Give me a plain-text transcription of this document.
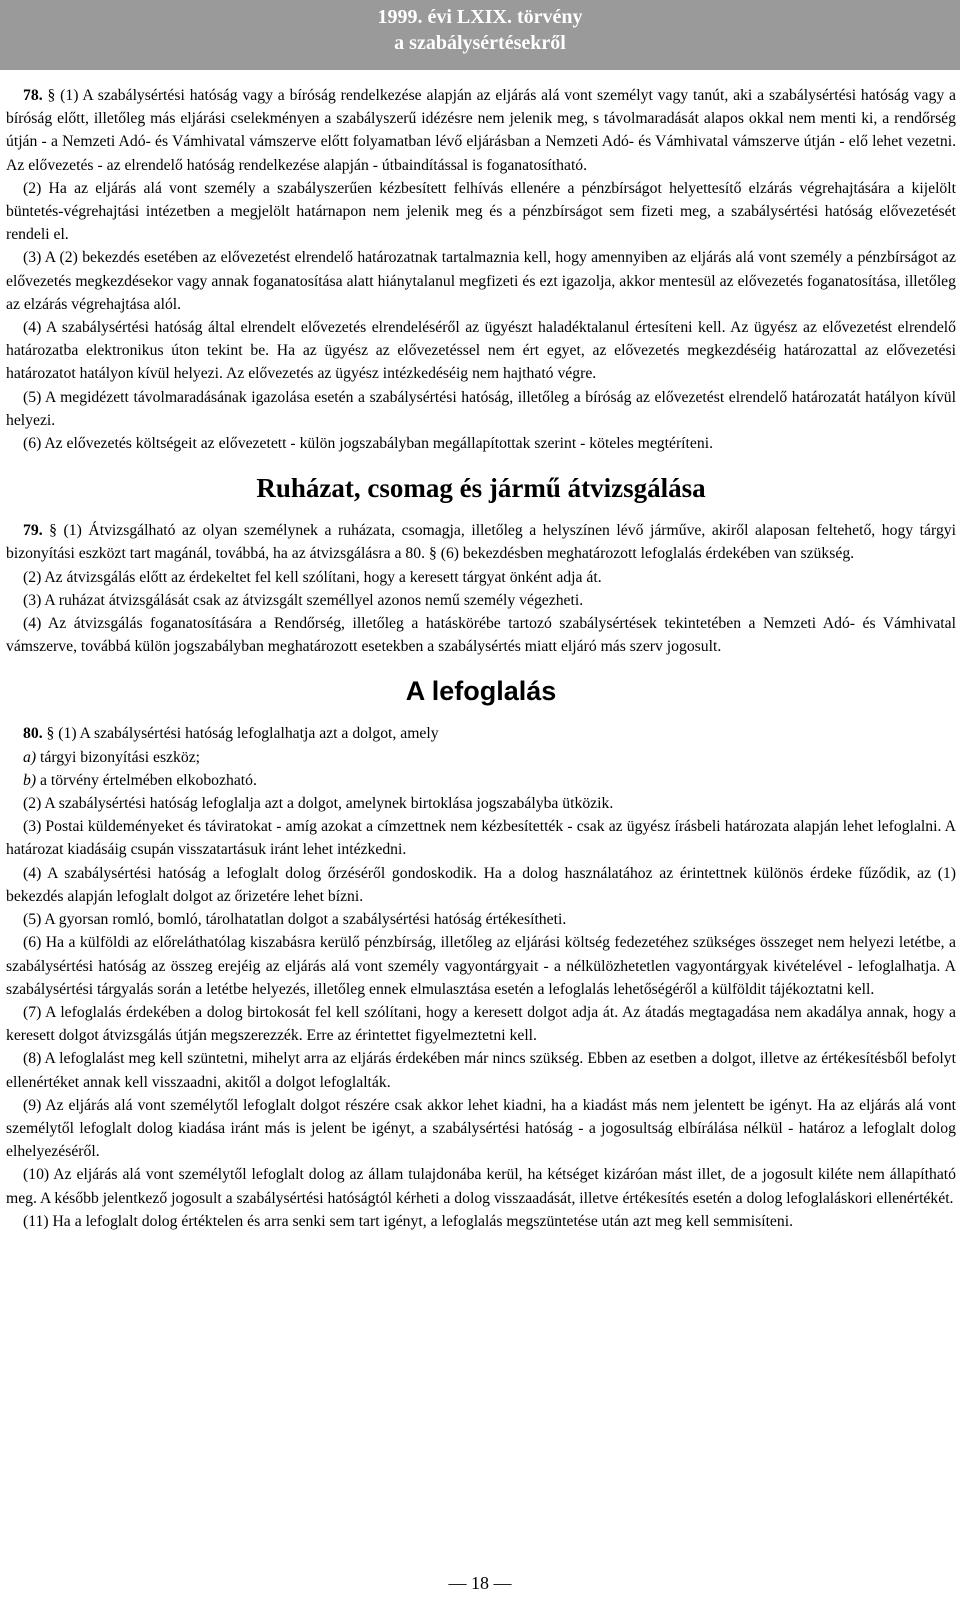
1999. évi LXIX. törvény
a szabálysértésekről

78. § (1) A szabálysértési hatóság vagy a bíróság rendelkezése alapján az eljárás alá vont személyt vagy tanút, aki a szabálysértési hatóság vagy a bíróság előtt, illetőleg más eljárási cselekményen a szabályszerű idézésre nem jelenik meg, s távolmaradását alapos okkal nem menti ki, a rendőrség útján - a Nemzeti Adó- és Vámhivatal vámszerve előtt folyamatban lévő eljárásban a Nemzeti Adó- és Vámhivatal vámszerve útján - elő lehet vezetni. Az elővezetés - az elrendelő hatóság rendelkezése alapján - útbaindítással is foganatosítható.

(2) Ha az eljárás alá vont személy a szabályszerűen kézbesített felhívás ellenére a pénzbírságot helyettesítő elzárás végrehajtására a kijelölt büntetés-végrehajtási intézetben a megjelölt határnapon nem jelenik meg és a pénzbírságot sem fizeti meg, a szabálysértési hatóság elővezetését rendeli el.

(3) A (2) bekezdés esetében az elővezetést elrendelő határozatnak tartalmaznia kell, hogy amennyiben az eljárás alá vont személy a pénzbírságot az elővezetés megkezdésekor vagy annak foganatosítása alatt hiánytalanul megfizeti és ezt igazolja, akkor mentesül az elővezetés foganatosítása, illetőleg az elzárás végrehajtása alól.

(4) A szabálysértési hatóság által elrendelt elővezetés elrendeléséről az ügyészt haladéktalanul értesíteni kell. Az ügyész az elővezetést elrendelő határozatba elektronikus úton tekint be. Ha az ügyész az elővezetéssel nem ért egyet, az elővezetés megkezdéséig határozattal az elővezetési határozatot hatályon kívül helyezi. Az elővezetés az ügyész intézkedéséig nem hajtható végre.

(5) A megidézett távolmaradásának igazolása esetén a szabálysértési hatóság, illetőleg a bíróság az elővezetést elrendelő határozatát hatályon kívül helyezi.

(6) Az elővezetés költségeit az elővezetett - külön jogszabályban megállapítottak szerint - köteles megtéríteni.

Ruházat, csomag és jármű átvizsgálása

79. § (1) Átvizsgálható az olyan személynek a ruházata, csomagja, illetőleg a helyszínen lévő járműve, akiről alaposan feltehető, hogy tárgyi bizonyítási eszközt tart magánál, továbbá, ha az átvizsgálásra a 80. § (6) bekezdésben meghatározott lefoglalás érdekében van szükség.

(2) Az átvizsgálás előtt az érdekeltet fel kell szólítani, hogy a keresett tárgyat önként adja át.

(3) A ruházat átvizsgálását csak az átvizsgált személlyel azonos nemű személy végezheti.

(4) Az átvizsgálás foganatosítására a Rendőrség, illetőleg a hatáskörébe tartozó szabálysértések tekintetében a Nemzeti Adó- és Vámhivatal vámszerve, továbbá külön jogszabályban meghatározott esetekben a szabálysértés miatt eljáró más szerv jogosult.

A lefoglalás

80. § (1) A szabálysértési hatóság lefoglalhatja azt a dolgot, amely

a) tárgyi bizonyítási eszköz;

b) a törvény értelmében elkobozható.

(2) A szabálysértési hatóság lefoglalja azt a dolgot, amelynek birtoklása jogszabályba ütközik.

(3) Postai küldeményeket és táviratokat - amíg azokat a címzettnek nem kézbesítették - csak az ügyész írásbeli határozata alapján lehet lefoglalni. A határozat kiadásáig csupán visszatartásuk iránt lehet intézkedni.

(4) A szabálysértési hatóság a lefoglalt dolog őrzéséről gondoskodik. Ha a dolog használatához az érintettnek különös érdeke fűződik, az (1) bekezdés alapján lefoglalt dolgot az őrizetére lehet bízni.

(5) A gyorsan romló, bomló, tárolhatatlan dolgot a szabálysértési hatóság értékesítheti.

(6) Ha a külföldi az előreláthatólag kiszabásra kerülő pénzbírság, illetőleg az eljárási költség fedezetéhez szükséges összeget nem helyezi letétbe, a szabálysértési hatóság az összeg erejéig az eljárás alá vont személy vagyontárgyait - a nélkülözhetetlen vagyontárgyak kivételével - lefoglalhatja. A szabálysértési tárgyalás során a letétbe helyezés, illetőleg ennek elmulasztása esetén a lefoglalás lehetőségéről a külföldit tájékoztatni kell.

(7) A lefoglalás érdekében a dolog birtokosát fel kell szólítani, hogy a keresett dolgot adja át. Az átadás megtagadása nem akadálya annak, hogy a keresett dolgot átvizsgálás útján megszerezzék. Erre az érintettet figyelmeztetni kell.

(8) A lefoglalást meg kell szüntetni, mihelyt arra az eljárás érdekében már nincs szükség. Ebben az esetben a dolgot, illetve az értékesítésből befolyt ellenértéket annak kell visszaadni, akitől a dolgot lefoglalták.

(9) Az eljárás alá vont személytől lefoglalt dolgot részére csak akkor lehet kiadni, ha a kiadást más nem jelentett be igényt. Ha az eljárás alá vont személytől lefoglalt dolog kiadása iránt más is jelent be igényt, a szabálysértési hatóság - a jogosultság elbírálása nélkül - határoz a lefoglalt dolog elhelyezéséről.

(10) Az eljárás alá vont személytől lefoglalt dolog az állam tulajdonába kerül, ha kétséget kizáróan mást illet, de a jogosult kiléte nem állapítható meg. A később jelentkező jogosult a szabálysértési hatóságtól kérheti a dolog visszaadását, illetve értékesítés esetén a dolog lefoglaláskori ellenértékét.

(11) Ha a lefoglalt dolog értéktelen és arra senki sem tart igényt, a lefoglalás megszüntetése után azt meg kell semmisíteni.

— 18 —
